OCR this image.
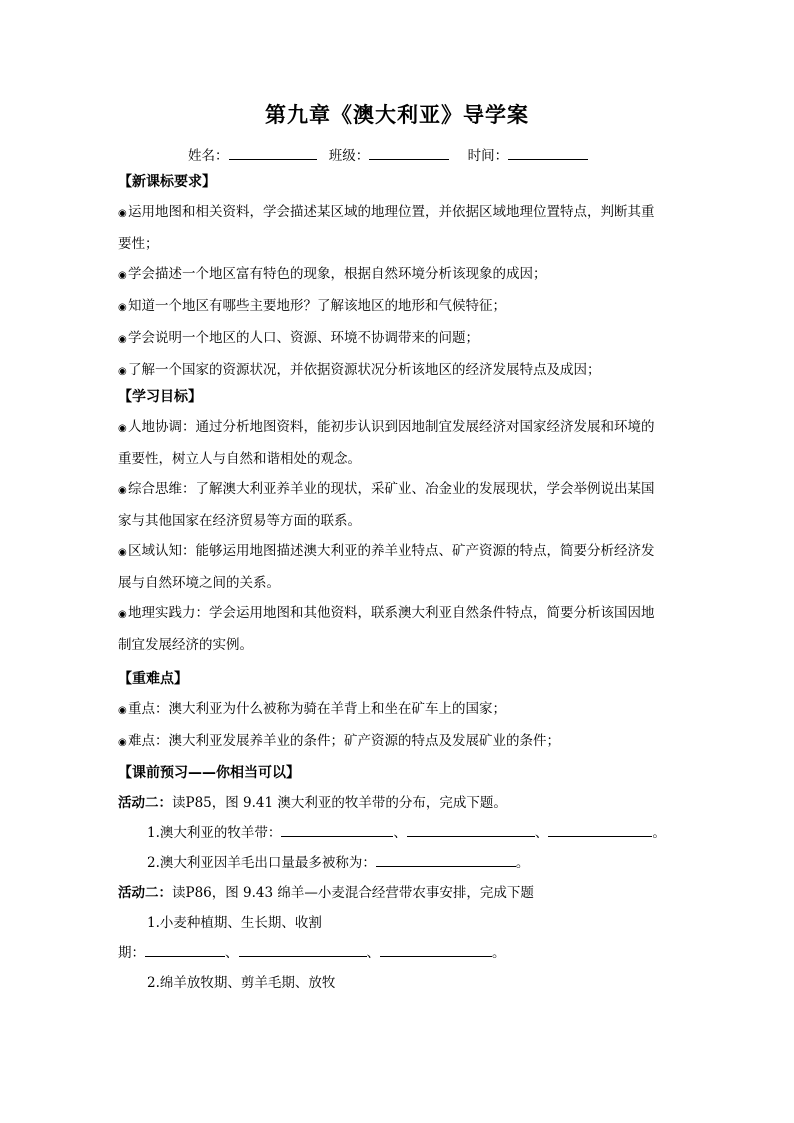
第九章《澳大利亚》导学案
姓名：	班级：	时间：
【新课标要求】
◉运用地图和相关资料，学会描述某区域的地理位置，并依据区域地理位置特点，判断其重
要性；
◉学会描述一个地区富有特色的现象，根据自然环境分析该现象的成因；
◉知道一个地区有哪些主要地形？了解该地区的地形和气候特征；
◉学会说明一个地区的人口、资源、环境不协调带来的问题；
◉了解一个国家的资源状况，并依据资源状况分析该地区的经济发展特点及成因；
【学习目标】
◉人地协调：通过分析地图资料，能初步认识到因地制宜发展经济对国家经济发展和环境的
重要性，树立人与自然和谐相处的观念。
◉综合思维：了解澳大利亚养羊业的现状，采矿业、冶金业的发展现状，学会举例说出某国
家与其他国家在经济贸易等方面的联系。
◉区域认知：能够运用地图描述澳大利亚的养羊业特点、矿产资源的特点，简要分析经济发
展与自然环境之间的关系。
◉地理实践力：学会运用地图和其他资料，联系澳大利亚自然条件特点，简要分析该国因地
制宜发展经济的实例。
【重难点】
◉重点：澳大利亚为什么被称为骑在羊背上和坐在矿车上的国家；
◉难点：澳大利亚发展养羊业的条件；矿产资源的特点及发展矿业的条件；
【课前预习——你相当可以】
活动二：读P85，图 9.41 澳大利亚的牧羊带的分布，完成下题。
1.澳大利亚的牧羊带：	、	、	。
2.澳大利亚因羊毛出口量最多被称为：	。
活动二：读P86，图 9.43 绵羊—小麦混合经营带农事安排，完成下题
1.小麦种植期、生长期、收割
期：	、	、	。
2.绵羊放牧期、剪羊毛期、放牧
